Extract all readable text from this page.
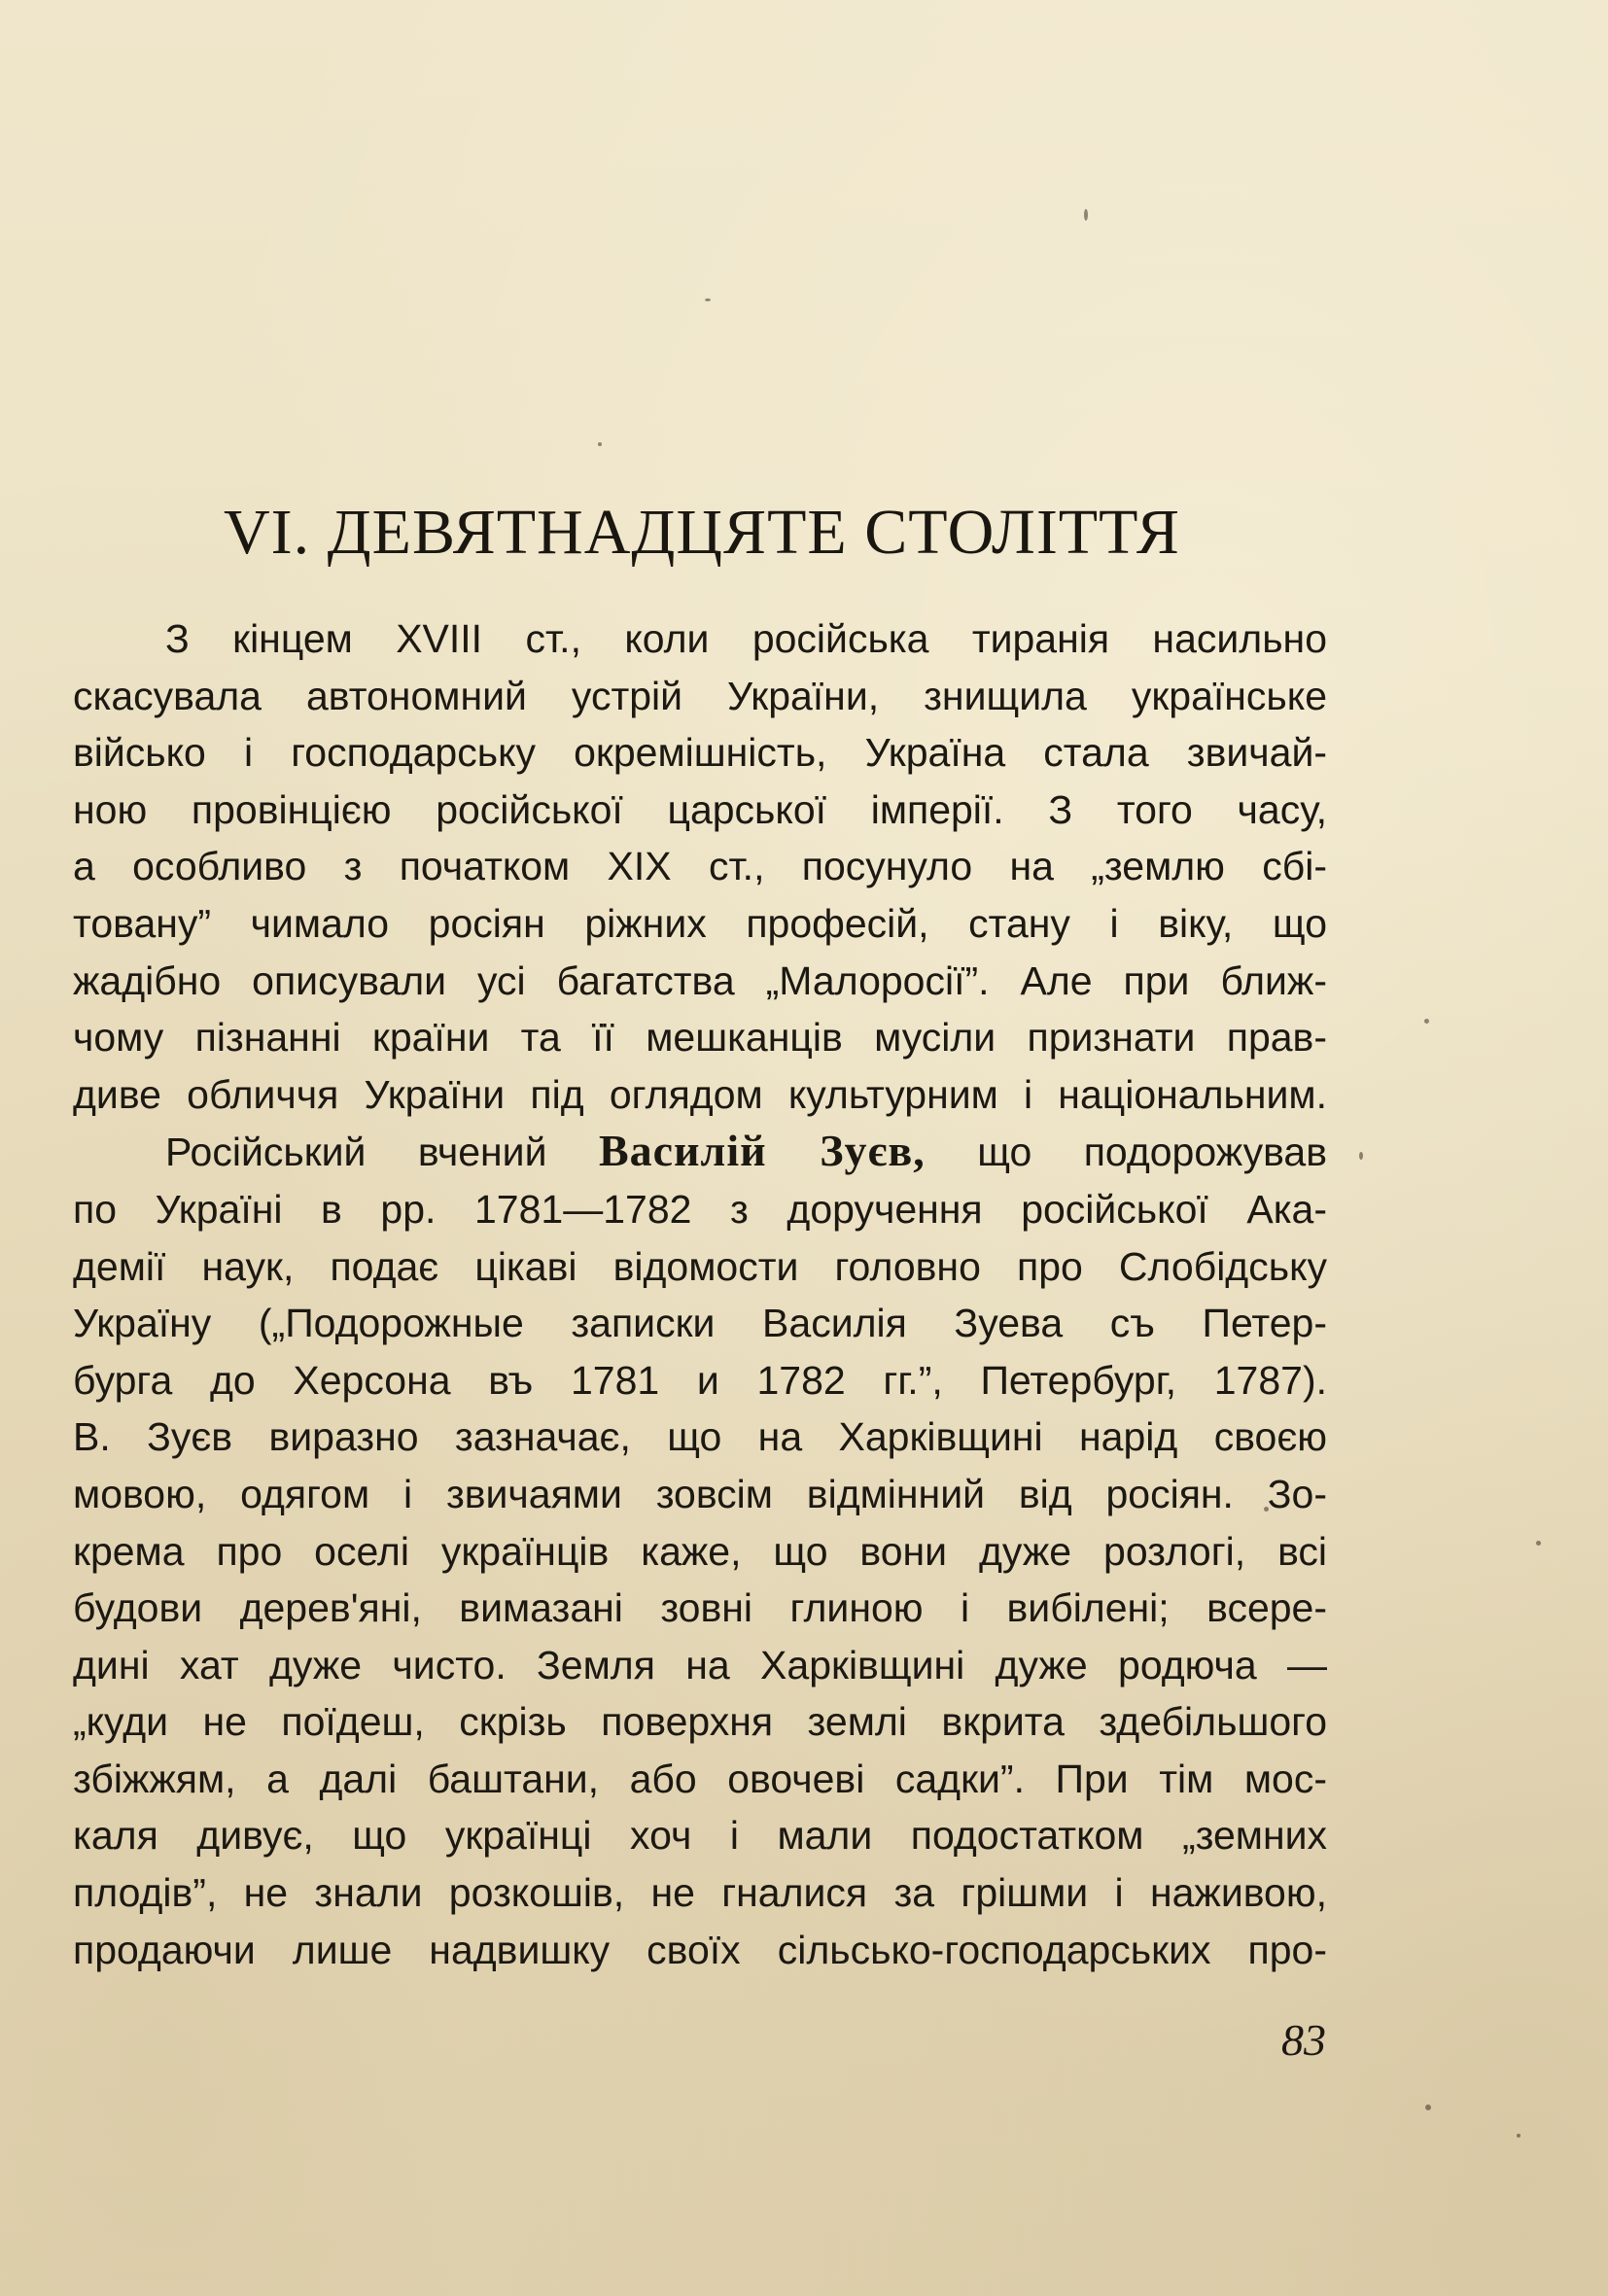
VI. ДЕВЯТНАДЦЯТЕ СТОЛІТТЯ

З кінцем XVIII ст., коли російська тиранія насильно
скасувала автономний устрій України, знищила українське
військо і господарську окремішність, Україна стала звичай-
ною провінцією російської царської імперії. З того часу,
а особливо з початком XIX ст., посунуло на „землю сбі-
товану” чимало росіян ріжних професій, стану і віку, що
жадібно описували усі багатства „Малоросії”. Але при ближ-
чому пізнанні країни та її мешканців мусіли признати прав-
диве обличчя України під оглядом культурним і національним.

Російський вчений Василій Зуєв, що подорожував
по Україні в рр. 1781—1782 з доручення російської Ака-
демії наук, подає цікаві відомости головно про Слобідську
Україну („Подорожные записки Василія Зуева съ Петер-
бурга до Херсона въ 1781 и 1782 гг.”, Петербург, 1787).
В. Зуєв виразно зазначає, що на Харківщині нарід своєю
мовою, одягом і звичаями зовсім відмінний від росіян. Зо-
крема про оселі українців каже, що вони дуже розлогі, всі
будови дерев'яні, вимазані зовні глиною і вибілені; всере-
дині хат дуже чисто. Земля на Харківщині дуже родюча —
„куди не поїдеш, скрізь поверхня землі вкрита здебільшого
збіжжям, а далі баштани, або овочеві садки”. При тім мос-
каля дивує, що українці хоч і мали подостатком „земних
плодів”, не знали розкошів, не гналися за грішми і наживою,
продаючи лише надвишку своїх сільсько-господарських про-

83
